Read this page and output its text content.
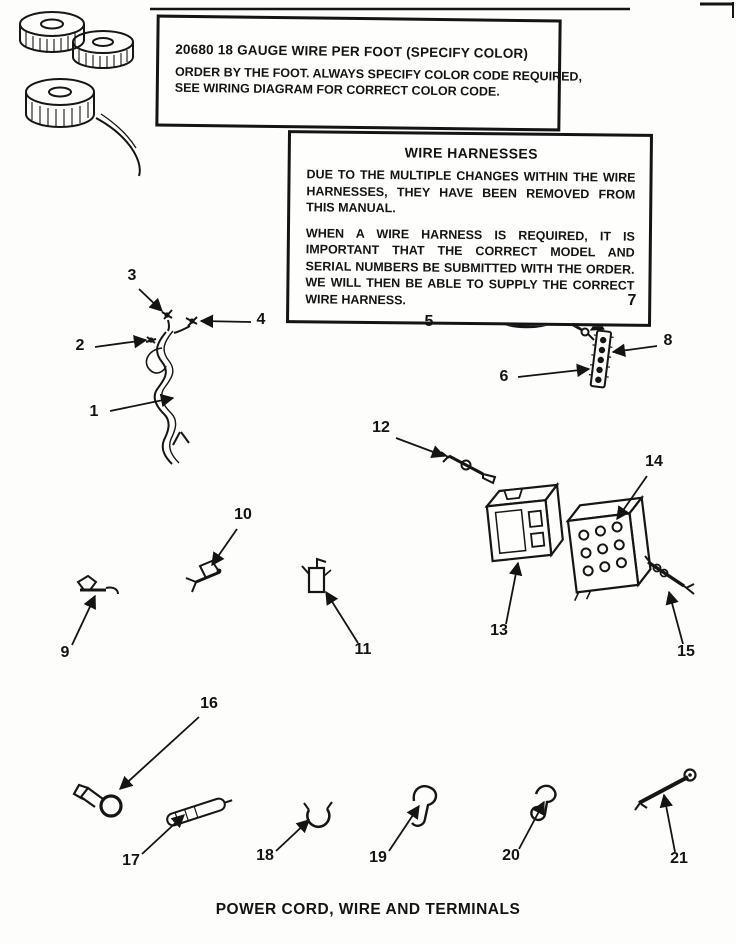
20680 18 GAUGE WIRE PER FOOT (SPECIFY COLOR)
ORDER BY THE FOOT. ALWAYS SPECIFY COLOR CODE REQUIRED,
SEE WIRING DIAGRAM FOR CORRECT COLOR CODE.
WIRE HARNESSES

DUE TO THE MULTIPLE CHANGES WITHIN THE WIRE HARNESSES, THEY HAVE BEEN REMOVED FROM THIS MANUAL.

WHEN A WIRE HARNESS IS REQUIRED, IT IS IMPORTANT THAT THE CORRECT MODEL AND SERIAL NUMBERS BE SUBMITTED WITH THE ORDER. WE WILL THEN BE ABLE TO SUPPLY THE CORRECT WIRE HARNESS.

1
2
3
4	5
6
7
8
9
10
11
12
13
14
15
16
17	18	19	20	21
POWER CORD, WIRE AND TERMINALS
